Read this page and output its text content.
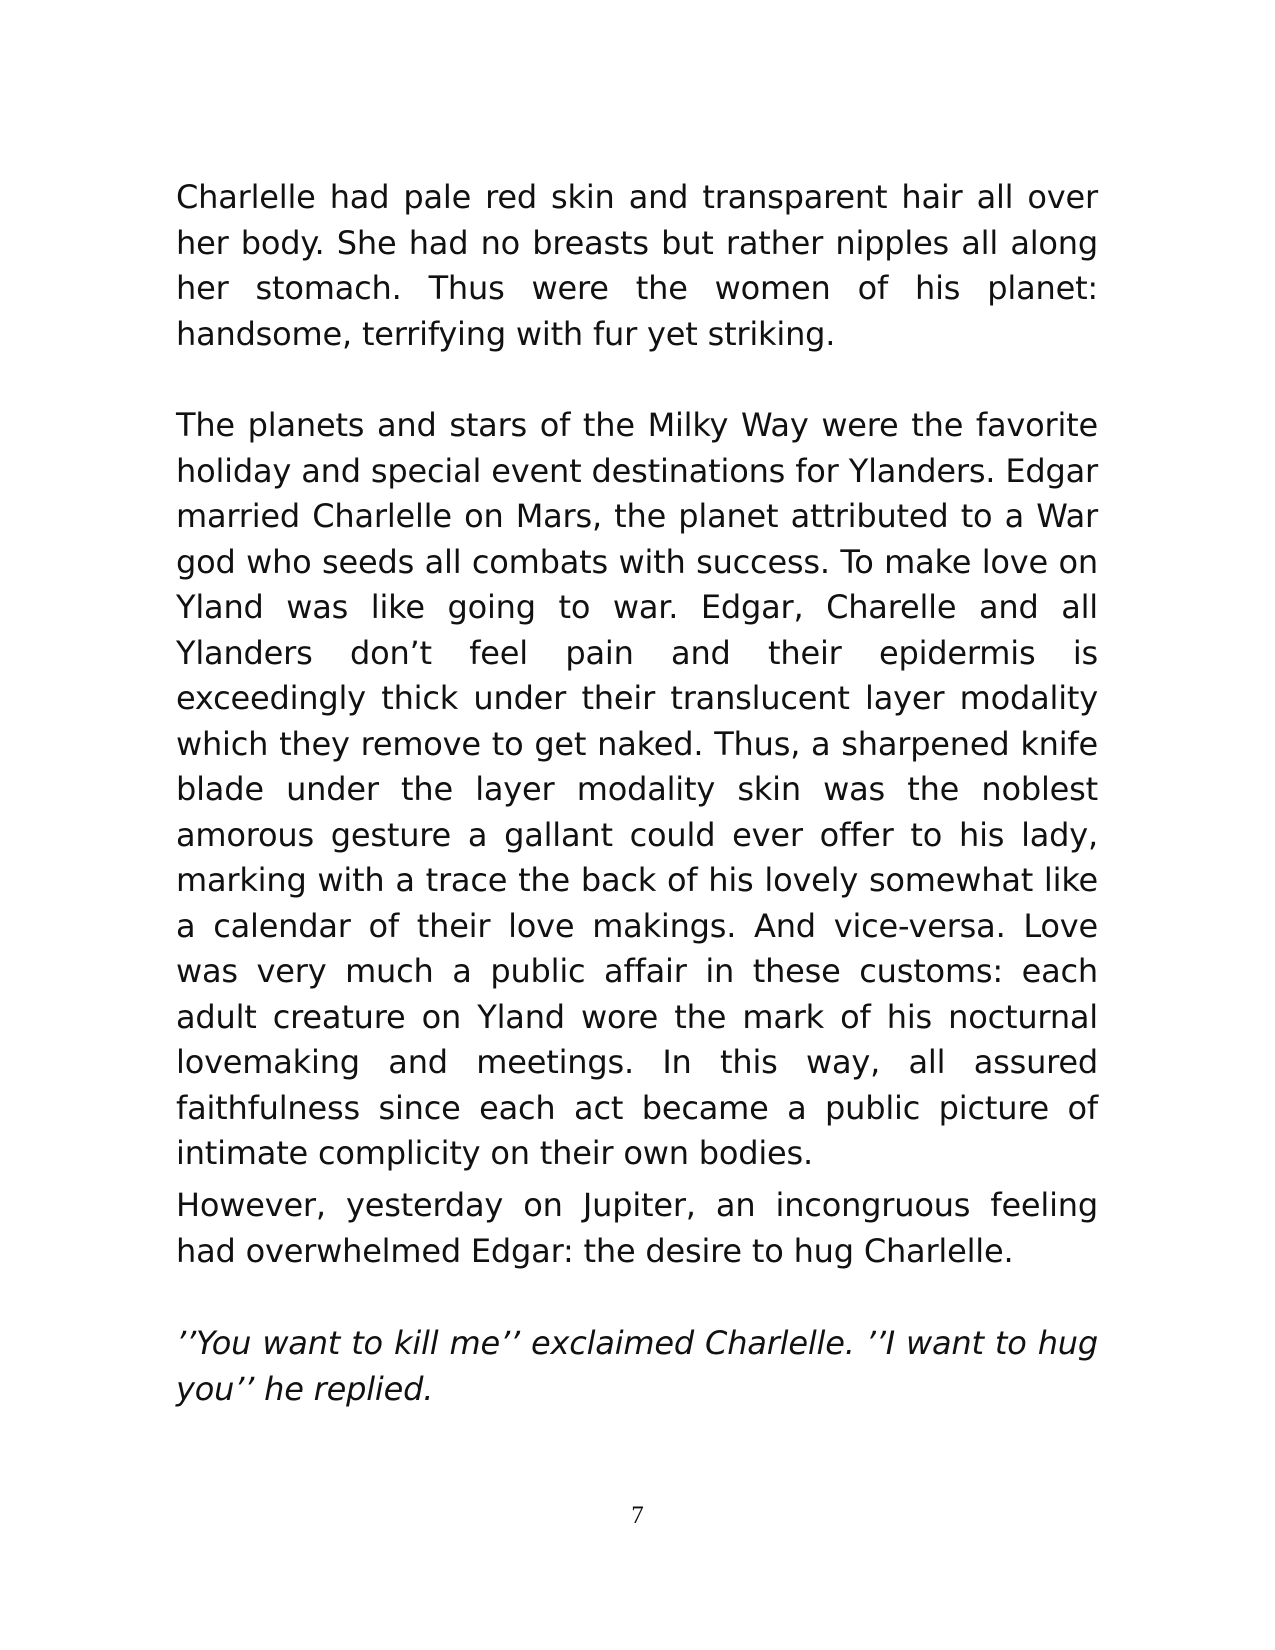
Charlelle had pale red skin and transparent hair all over her body. She had no breasts but rather nipples all along her stomach. Thus were the women of his planet: handsome, terrifying with fur yet striking.

The planets and stars of the Milky Way were the favorite holiday and special event destinations for Ylanders. Edgar married Charlelle on Mars, the planet attributed to a War god who seeds all combats with success. To make love on Yland was like going to war. Edgar, Charelle and all Ylanders don’t feel pain and their epidermis is exceedingly thick under their translucent layer modality which they remove to get naked. Thus, a sharpened knife blade under the layer modality skin was the noblest amorous gesture a gallant could ever offer to his lady, marking with a trace the back of his lovely somewhat like a calendar of their love makings. And vice-versa. Love was very much a public affair in these customs: each adult creature on Yland wore the mark of his nocturnal lovemaking and meetings. In this way, all assured faithfulness since each act became a public picture of intimate complicity on their own bodies.

However, yesterday on Jupiter, an incongruous feeling had overwhelmed Edgar: the desire to hug Charlelle.

’’You want to kill me’’ exclaimed Charlelle. ’’I want to hug you’’ he replied.

7
